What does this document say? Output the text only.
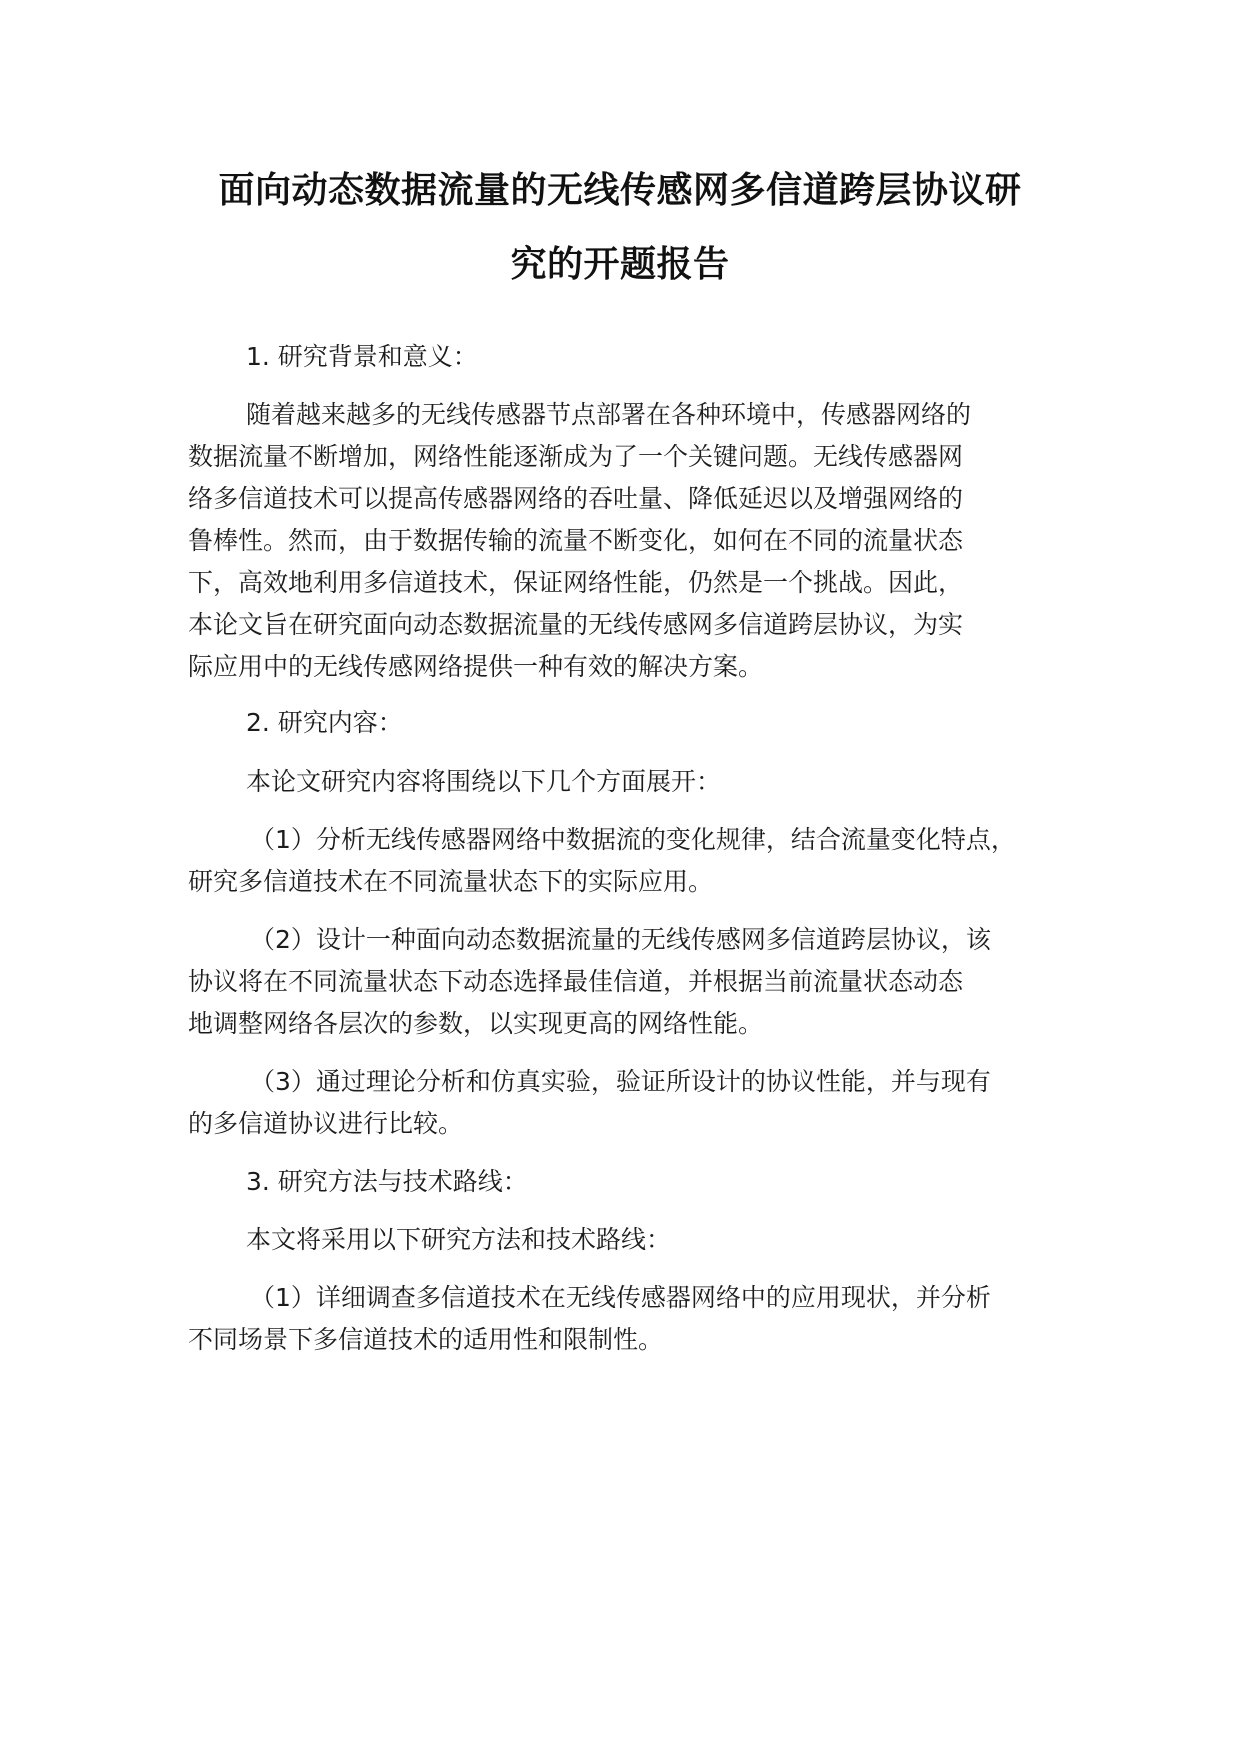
面向动态数据流量的无线传感网多信道跨层协议研
究的开题报告
1. 研究背景和意义：
随着越来越多的无线传感器节点部署在各种环境中，传感器网络的
数据流量不断增加，网络性能逐渐成为了一个关键问题。无线传感器网
络多信道技术可以提高传感器网络的吞吐量、降低延迟以及增强网络的
鲁棒性。然而，由于数据传输的流量不断变化，如何在不同的流量状态
下，高效地利用多信道技术，保证网络性能，仍然是一个挑战。因此，
本论文旨在研究面向动态数据流量的无线传感网多信道跨层协议，为实
际应用中的无线传感网络提供一种有效的解决方案。
2. 研究内容：
本论文研究内容将围绕以下几个方面展开：
（1）分析无线传感器网络中数据流的变化规律，结合流量变化特点，
研究多信道技术在不同流量状态下的实际应用。
（2）设计一种面向动态数据流量的无线传感网多信道跨层协议，该
协议将在不同流量状态下动态选择最佳信道，并根据当前流量状态动态
地调整网络各层次的参数，以实现更高的网络性能。
（3）通过理论分析和仿真实验，验证所设计的协议性能，并与现有
的多信道协议进行比较。
3. 研究方法与技术路线：
本文将采用以下研究方法和技术路线：
（1）详细调查多信道技术在无线传感器网络中的应用现状，并分析
不同场景下多信道技术的适用性和限制性。
